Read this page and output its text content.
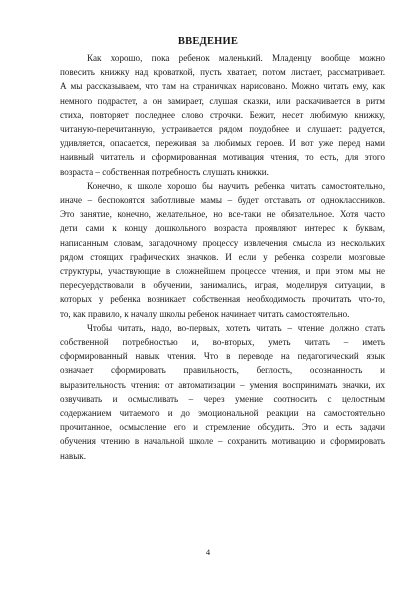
ВВЕДЕНИЕ
Как хорошо, пока ребенок маленький. Младенцу вообще можно
повесить книжку над кроваткой, пусть хватает, потом листает, рассматривает.
А мы рассказываем, что там на страничках нарисовано. Можно читать ему, как
немного подрастет, а он замирает, слушая сказки, или раскачивается в ритм
стиха, повторяет последнее слово строчки. Бежит, несет любимую книжку,
читаную-перечитанную, устраивается рядом поудобнее и слушает: радуется,
удивляется, опасается, переживая за любимых героев. И вот уже перед нами
наивный читатель и сформированная мотивация чтения, то есть, для этого
возраста – собственная потребность слушать книжки.
Конечно, к школе хорошо бы научить ребенка читать самостоятельно,
иначе – беспокоятся заботливые мамы – будет отставать от одноклассников.
Это занятие, конечно, желательное, но все-таки не обязательное. Хотя часто
дети сами к концу дошкольного возраста проявляют интерес к буквам,
написанным словам, загадочному процессу извлечения смысла из нескольких
рядом стоящих графических значков. И если у ребенка созрели мозговые
структуры, участвующие в сложнейшем процессе чтения, и при этом мы не
пересуердствовали в обучении, занимались, играя, моделируя ситуации, в
которых у ребенка возникает собственная необходимость прочитать что-то,
то, как правило, к началу школы ребенок начинает читать самостоятельно.
Чтобы читать, надо, во-первых, хотеть читать – чтение должно стать
собственной потребностью и, во-вторых, уметь читать – иметь
сформированный навык чтения. Что в переводе на педагогический язык
означает сформировать правильность, беглость, осознанность и
выразительность чтения: от автоматизации – умения воспринимать значки, их
озвучивать и осмысливать – через умение соотносить с целостным
содержанием читаемого и до эмоциональной реакции на самостоятельно
прочитанное, осмысление его и стремление обсудить. Это и есть задачи
обучения чтению в начальной школе – сохранить мотивацию и сформировать
навык.
4
